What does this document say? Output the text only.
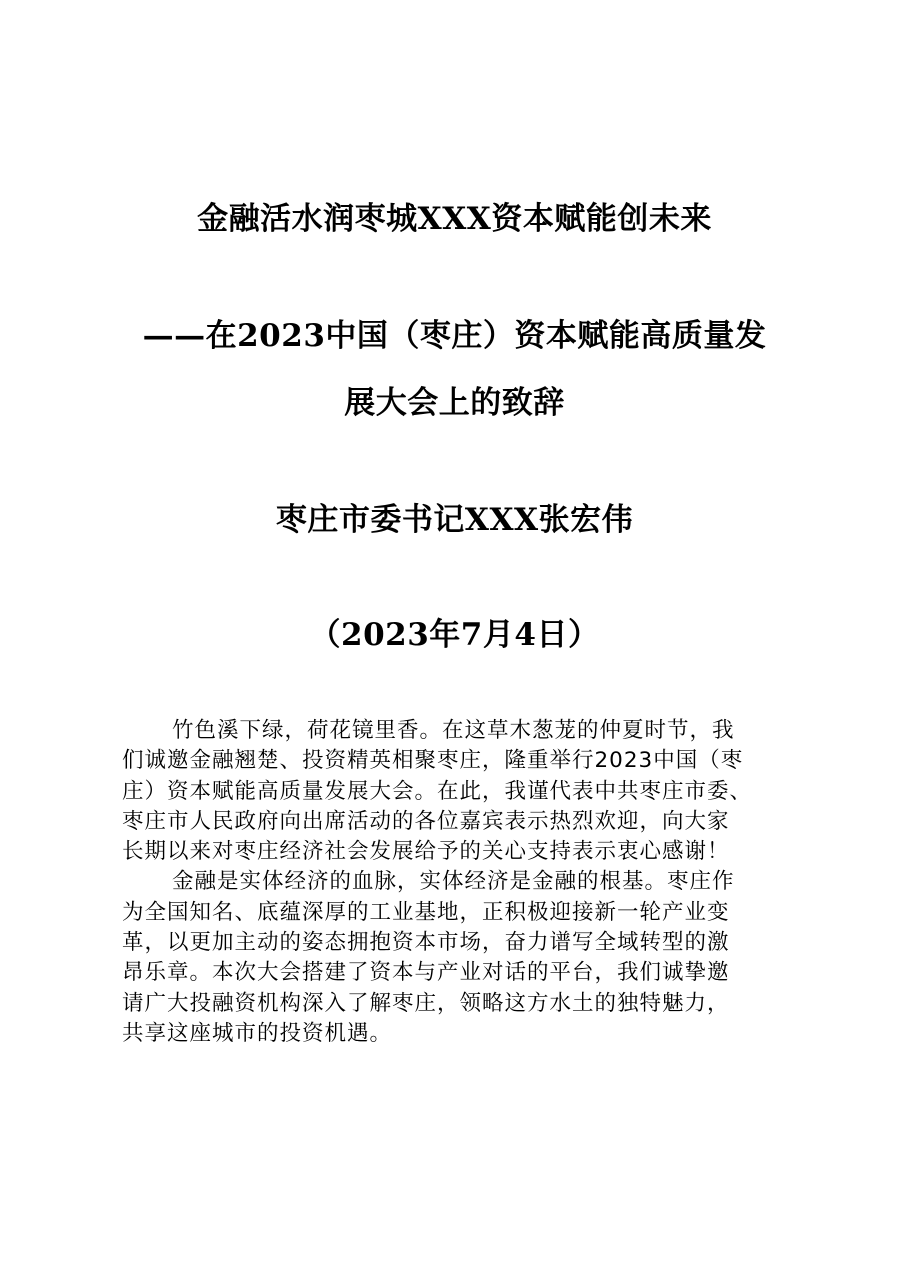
金融活水润枣城XXX资本赋能创未来
——在2023中国（枣庄）资本赋能高质量发
展大会上的致辞
枣庄市委书记XXX张宏伟
（2023年7月4日）
竹色溪下绿，荷花镜里香。在这草木葱茏的仲夏时节，我
们诚邀金融翘楚、投资精英相聚枣庄，隆重举行2023中国（枣
庄）资本赋能高质量发展大会。在此，我谨代表中共枣庄市委、
枣庄市人民政府向出席活动的各位嘉宾表示热烈欢迎，向大家
长期以来对枣庄经济社会发展给予的关心支持表示衷心感谢！
金融是实体经济的血脉，实体经济是金融的根基。枣庄作
为全国知名、底蕴深厚的工业基地，正积极迎接新一轮产业变
革，以更加主动的姿态拥抱资本市场，奋力谱写全域转型的激
昂乐章。本次大会搭建了资本与产业对话的平台，我们诚挚邀
请广大投融资机构深入了解枣庄，领略这方水土的独特魅力，
共享这座城市的投资机遇。
